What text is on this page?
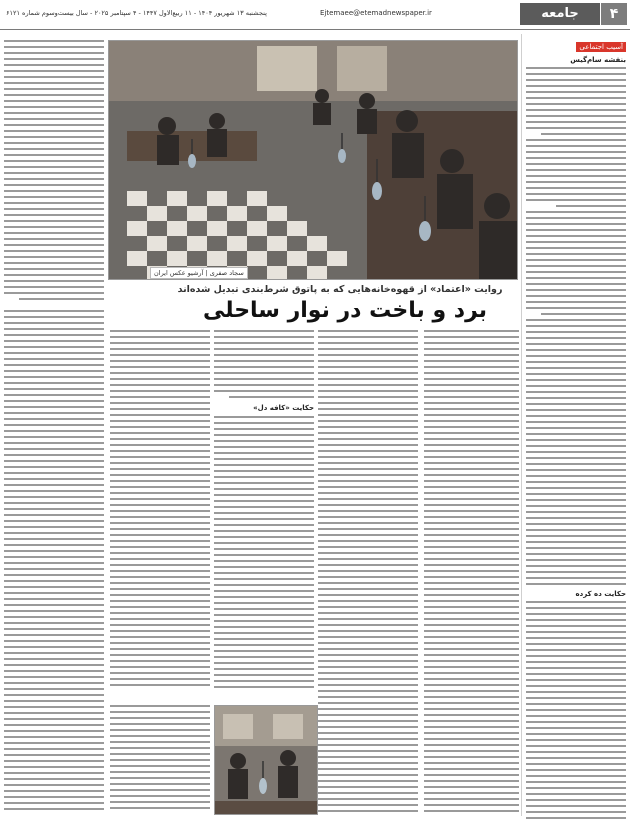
۴
جامعه
Ejtemaee@etemadnewspaper.ir
پنجشنبه ۱۳ شهریور ۱۴۰۴ - ۱۱ ربیع‌الاول ۱۴۴۷ - ۴ سپتامبر ۲۰۲۵ - سال بیست‌وسوم شماره ۶۱۲۱
آسیب اجتماعی
بنفشه سام‌گیس
حکایت ده کرده
سجاد صفری | آرشیو عکس ایران
روایت «اعتماد» از قهوه‌خانه‌هایی که به پاتوق شرط‌بندی تبدیل شده‌اند
برد و باخت در نوار ساحلی
حکایت «کافه دل»
